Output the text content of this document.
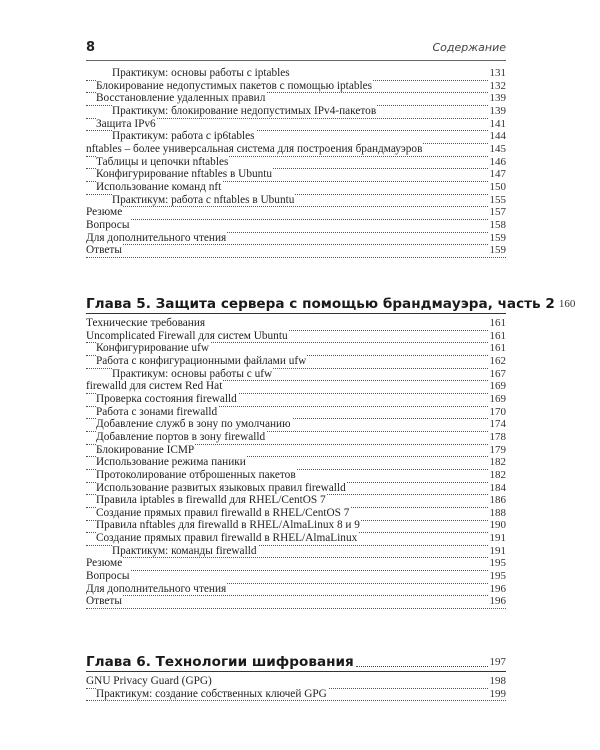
8	Содержание
Практикум: основы работы с iptables	131
Блокирование недопустимых пакетов с помощью iptables	132
Восстановление удаленных правил	139
Практикум: блокирование недопустимых IPv4-пакетов	139
Защита IPv6	141
Практикум: работа с ip6tables	144
nftables – более универсальная система для построения брандмауэров	145
Таблицы и цепочки nftables	146
Конфигурирование nftables в Ubuntu	147
Использование команд nft	150
Практикум: работа с nftables в Ubuntu	155
Резюме	157
Вопросы	158
Для дополнительного чтения	159
Ответы	159
Глава 5. Защита сервера с помощью брандмауэра, часть 2 160
Технические требования	161
Uncomplicated Firewall для систем Ubuntu	161
Конфигурирование ufw	161
Работа с конфигурационными файлами ufw	162
Практикум: основы работы с ufw	167
firewalld для систем Red Hat	169
Проверка состояния firewalld	169
Работа с зонами firewalld	170
Добавление служб в зону по умолчанию	174
Добавление портов в зону firewalld	178
Блокирование ICMP	179
Использование режима паники	182
Протоколирование отброшенных пакетов	182
Использование развитых языковых правил firewalld	184
Правила iptables в firewalld для RHEL/CentOS 7	186
Создание прямых правил firewalld в RHEL/CentOS 7	188
Правила nftables для firewalld в RHEL/AlmaLinux 8 и 9	190
Создание прямых правил firewalld в RHEL/AlmaLinux	191
Практикум: команды firewalld	191
Резюме	195
Вопросы	195
Для дополнительного чтения	196
Ответы	196
Глава 6. Технологии шифрования	197
GNU Privacy Guard (GPG)	198
Практикум: создание собственных ключей GPG	199
